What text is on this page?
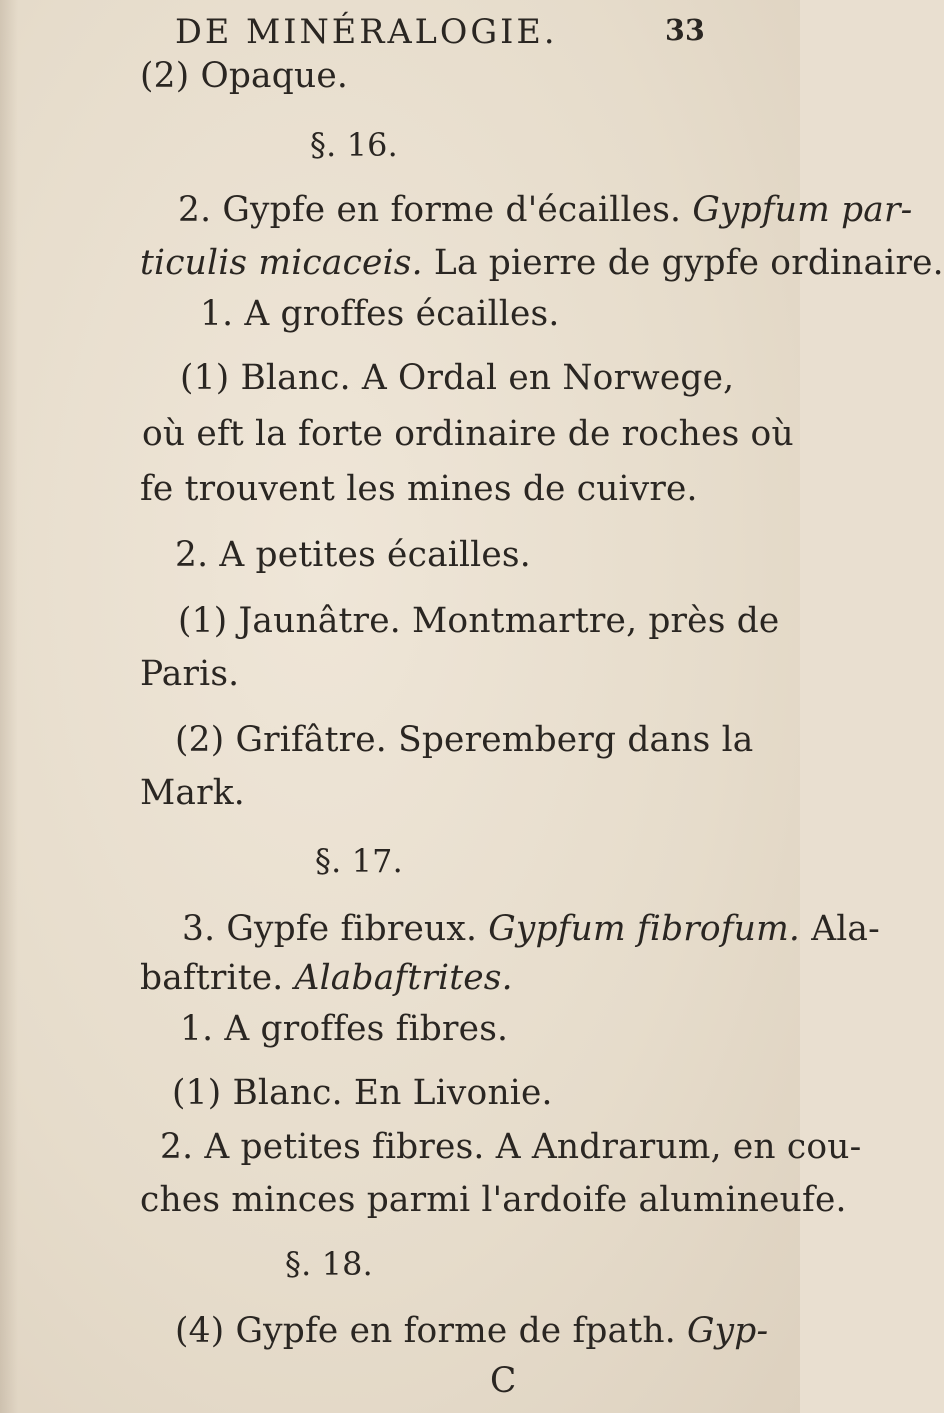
DE MINÉRALOGIE.	33
(2) Opaque.
§. 16.
2. Gypfe en forme d'écailles. Gypfum par-
ticulis micaceis. La pierre de gypfe ordinaire.
1. A groffes écailles.
(1) Blanc. A Ordal en Norwege,
où eft la forte ordinaire de roches où
fe trouvent les mines de cuivre.
2. A petites écailles.
(1) Jaunâtre. Montmartre, près de
Paris.
(2) Grifâtre. Speremberg dans la
Mark.
§. 17.
3. Gypfe fibreux. Gypfum fibrofum. Ala-
baftrite. Alabaftrites.
1. A groffes fibres.
(1) Blanc. En Livonie.
2. A petites fibres. A Andrarum, en cou-
ches minces parmi l'ardoife alumineufe.
§. 18.
(4) Gypfe en forme de fpath. Gyp-
C
